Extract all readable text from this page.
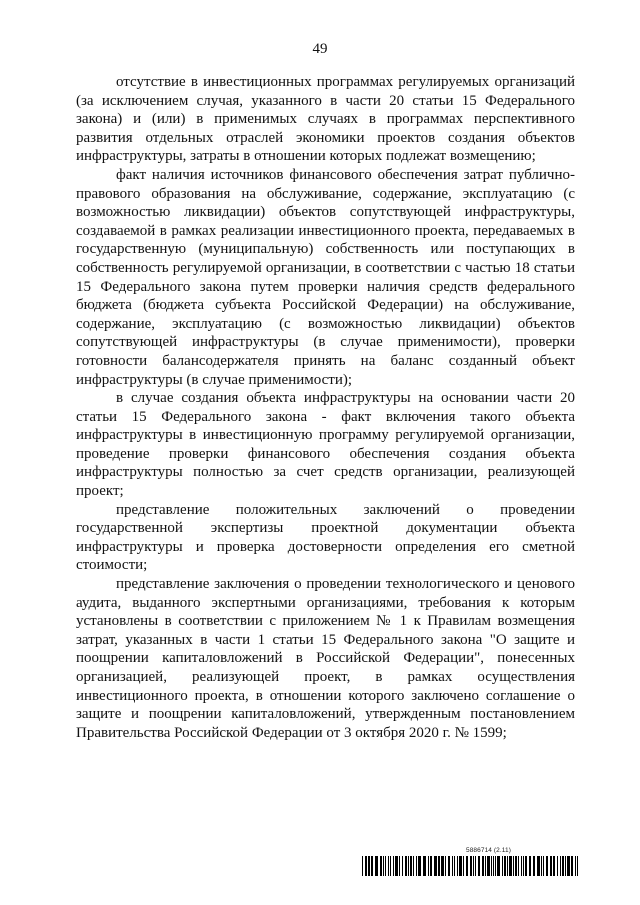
49

отсутствие в инвестиционных программах регулируемых организаций (за исключением случая, указанного в части 20 статьи 15 Федерального закона) и (или) в применимых случаях в программах перспективного развития отдельных отраслей экономики проектов создания объектов инфраструктуры, затраты в отношении которых подлежат возмещению;

факт наличия источников финансового обеспечения затрат публично-правового образования на обслуживание, содержание, эксплуатацию (с возможностью ликвидации) объектов сопутствующей инфраструктуры, создаваемой в рамках реализации инвестиционного проекта, передаваемых в государственную (муниципальную) собственность или поступающих в собственность регулируемой организации, в соответствии с частью 18 статьи 15 Федерального закона путем проверки наличия средств федерального бюджета (бюджета субъекта Российской Федерации) на обслуживание, содержание, эксплуатацию (с возможностью ликвидации) объектов сопутствующей инфраструктуры (в случае применимости), проверки готовности балансодержателя принять на баланс созданный объект инфраструктуры (в случае применимости);

в случае создания объекта инфраструктуры на основании части 20 статьи 15 Федерального закона - факт включения такого объекта инфраструктуры в инвестиционную программу регулируемой организации, проведение проверки финансового обеспечения создания объекта инфраструктуры полностью за счет средств организации, реализующей проект;

представление положительных заключений о проведении государственной экспертизы проектной документации объекта инфраструктуры и проверка достоверности определения его сметной стоимости;

представление заключения о проведении технологического и ценового аудита, выданного экспертными организациями, требования к которым установлены в соответствии с приложением № 1 к Правилам возмещения затрат, указанных в части 1 статьи 15 Федерального закона "О защите и поощрении капиталовложений в Российской Федерации", понесенных организацией, реализующей проект, в рамках осуществления инвестиционного проекта, в отношении которого заключено соглашение о защите и поощрении капиталовложений, утвержденным постановлением Правительства Российской Федерации от 3 октября 2020 г. № 1599;

5886714 (2.11)
